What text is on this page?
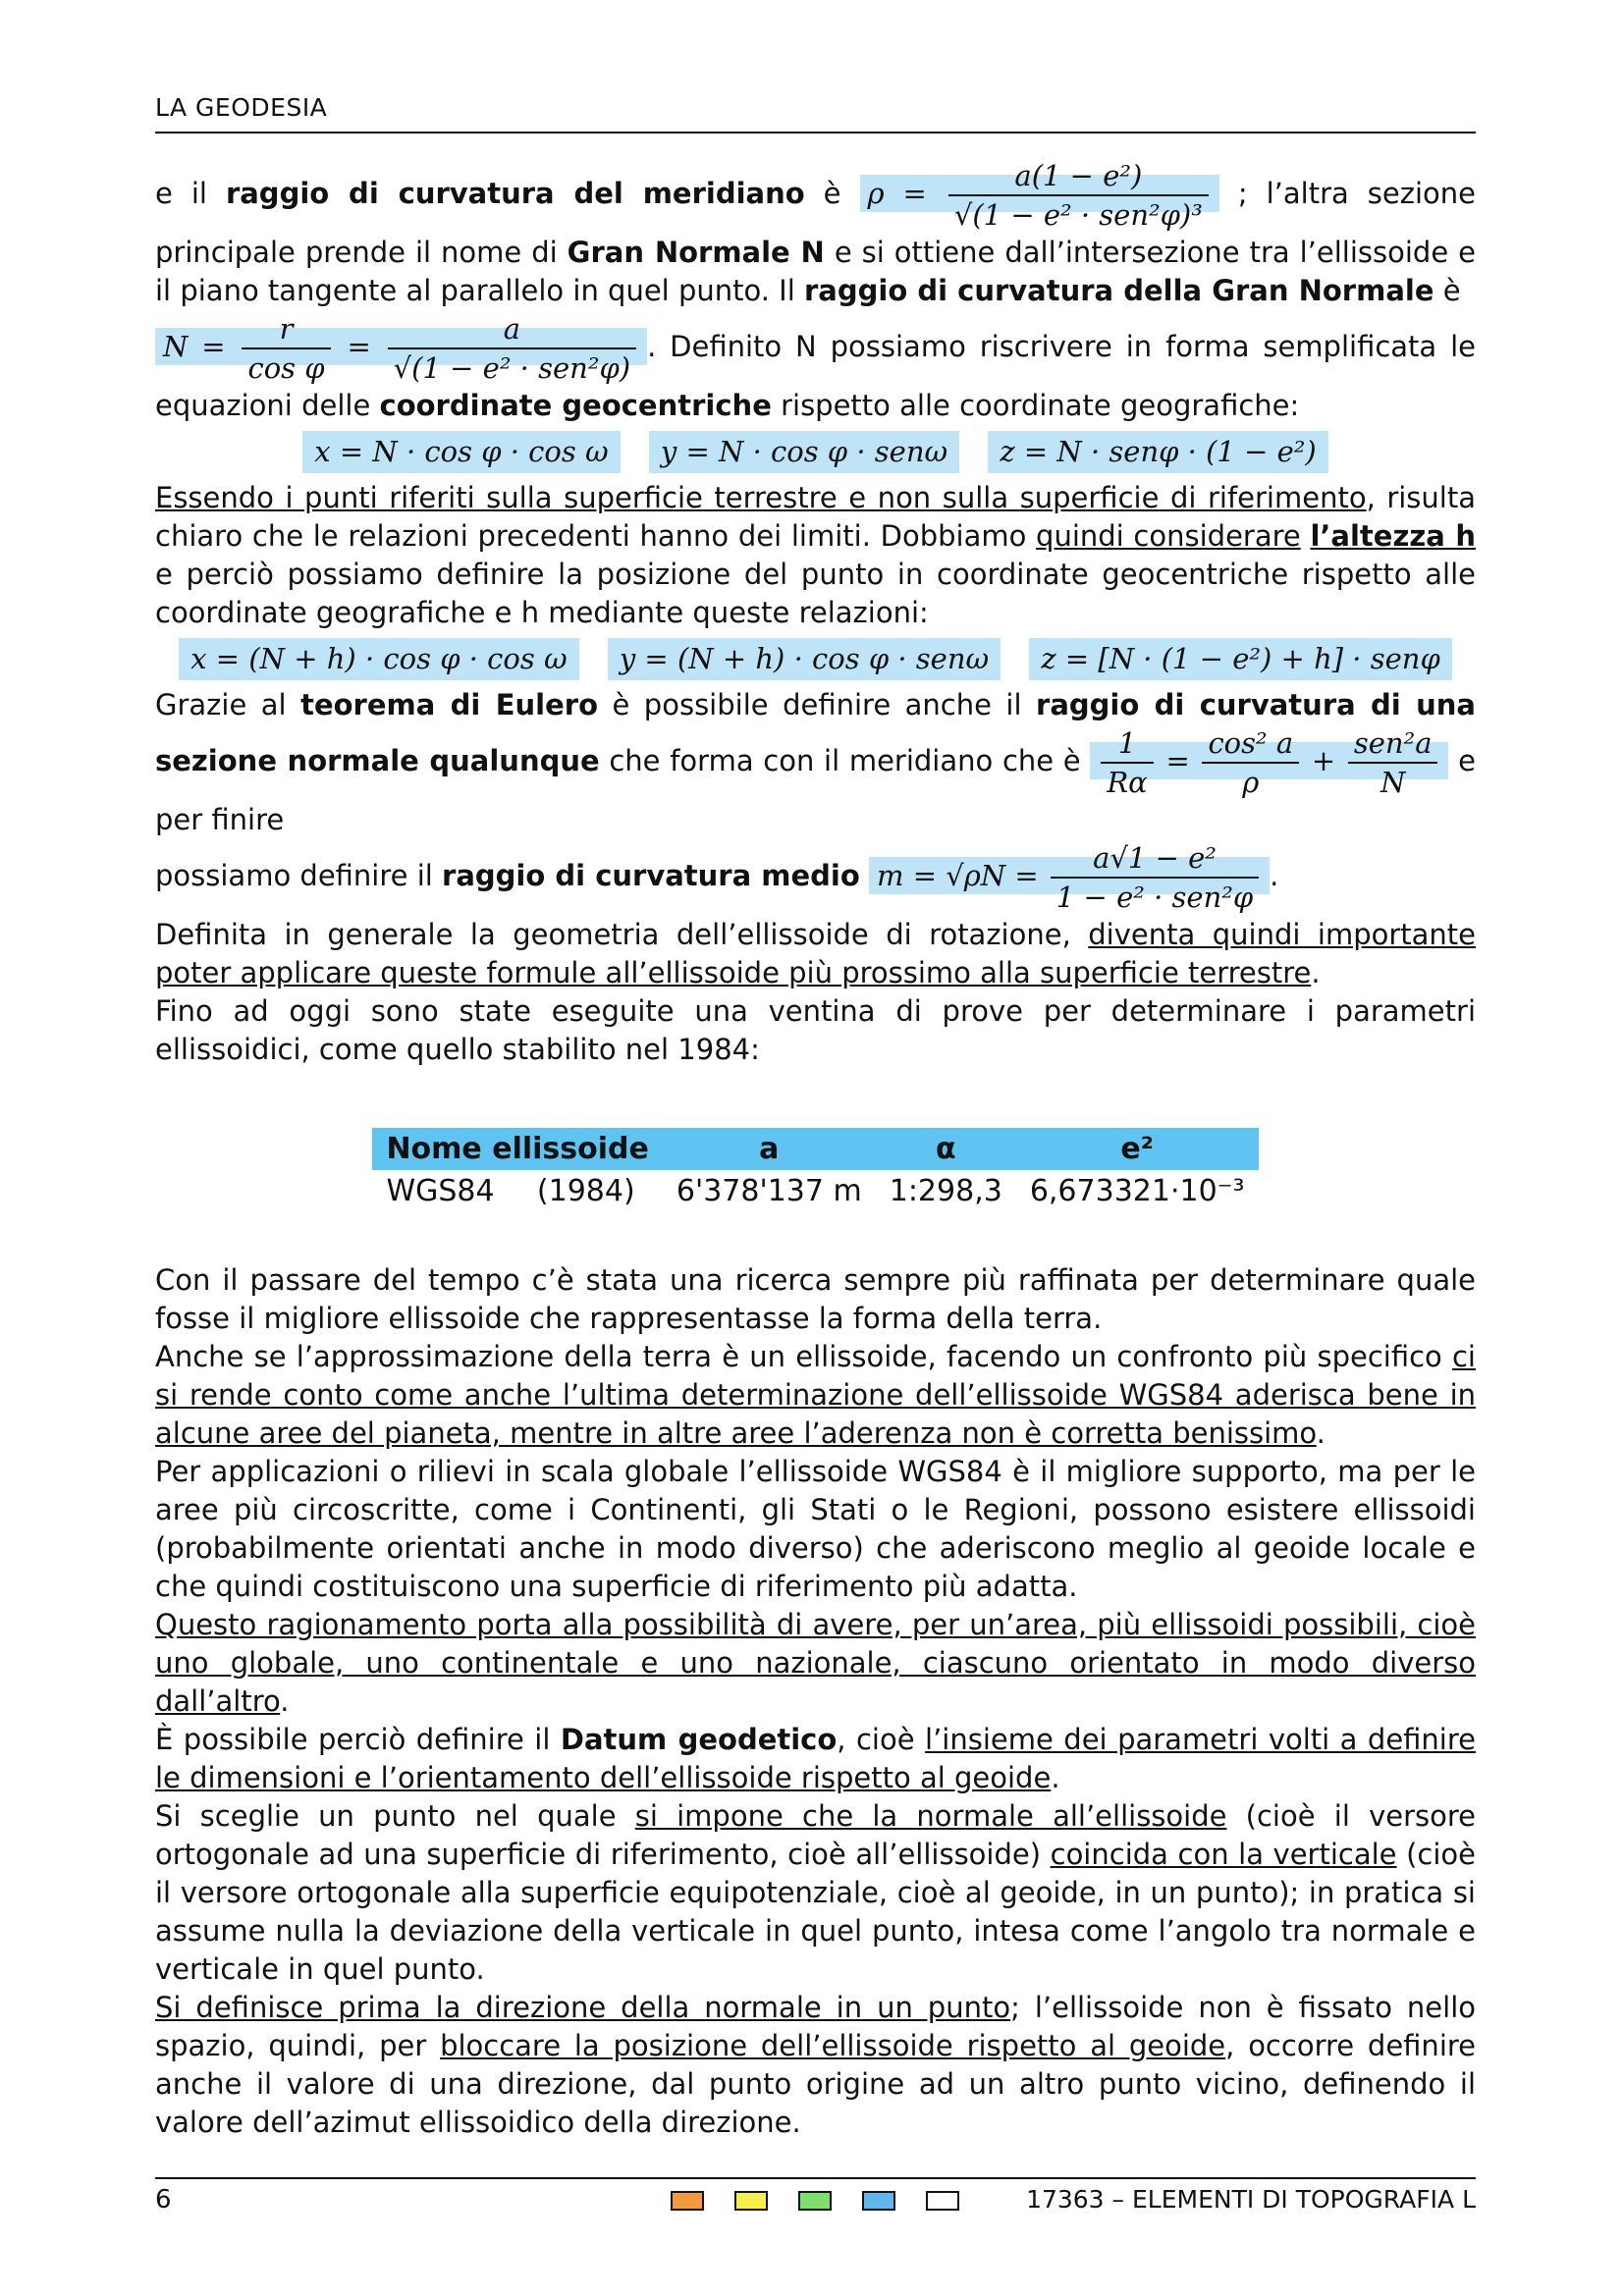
LA GEODESIA

e il raggio di curvatura del meridiano è $\rho = \frac{\text{a(1 − e²)}}{\text{√(1 − e² · sen²φ)³}}$ ; l’altra sezione principale prende il nome di Gran Normale N e si ottiene dall’intersezione tra l’ellissoide e il piano tangente al parallelo in quel punto. Il raggio di curvatura della Gran Normale è

$N = \frac{r}{\text{cos φ}} = \frac{a}{\text{√(1 − e² · sen²φ)}}$ . Definito N possiamo riscrivere in forma semplificata le equazioni delle coordinate geocentriche rispetto alle coordinate geografiche:

x = N · cos φ · cos ω y = N · cos φ · senω z = N · senφ · (1 − e²)

Essendo i punti riferiti sulla superficie terrestre e non sulla superficie di riferimento, risulta chiaro che le relazioni precedenti hanno dei limiti. Dobbiamo quindi considerare l’altezza h e perciò possiamo definire la posizione del punto in coordinate geocentriche rispetto alle coordinate geografiche e h mediante queste relazioni:

x = (N + h) · cos φ · cos ω y = (N + h) · cos φ · senω z = [N · (1 − e²) + h] · senφ

Grazie al teorema di Eulero è possibile definire anche il raggio di curvatura di una sezione normale qualunque che forma con il meridiano che è $\frac{1}{R\alpha} = \frac{\text{cos² a}}{\rho} + \frac{\text{sen²a}}{N}$ e per finire

possiamo definire il raggio di curvatura medio $m = √\rho N = \frac{\text{a√1 − e²}}{\text{1 − e² · sen²φ}}$ .

Definita in generale la geometria dell’ellissoide di rotazione, diventa quindi importante poter applicare queste formule all’ellissoide più prossimo alla superficie terrestre.

Fino ad oggi sono state eseguite una ventina di prove per determinare i parametri ellissoidici, come quello stabilito nel 1984:

Nome ellissoide		a	α	e²
WGS84	(1984)	6'378'137 m	1:298,3	6,673321·10⁻³

Con il passare del tempo c’è stata una ricerca sempre più raffinata per determinare quale fosse il migliore ellissoide che rappresentasse la forma della terra.

Anche se l’approssimazione della terra è un ellissoide, facendo un confronto più specifico ci si rende conto come anche l’ultima determinazione dell’ellissoide WGS84 aderisca bene in alcune aree del pianeta, mentre in altre aree l’aderenza non è corretta benissimo.

Per applicazioni o rilievi in scala globale l’ellissoide WGS84 è il migliore supporto, ma per le aree più circoscritte, come i Continenti, gli Stati o le Regioni, possono esistere ellissoidi (probabilmente orientati anche in modo diverso) che aderiscono meglio al geoide locale e che quindi costituiscono una superficie di riferimento più adatta.

Questo ragionamento porta alla possibilità di avere, per un’area, più ellissoidi possibili, cioè uno globale, uno continentale e uno nazionale, ciascuno orientato in modo diverso dall’altro.

È possibile perciò definire il Datum geodetico, cioè l’insieme dei parametri volti a definire le dimensioni e l’orientamento dell’ellissoide rispetto al geoide.

Si sceglie un punto nel quale si impone che la normale all’ellissoide (cioè il versore ortogonale ad una superficie di riferimento, cioè all’ellissoide) coincida con la verticale (cioè il versore ortogonale alla superficie equipotenziale, cioè al geoide, in un punto); in pratica si assume nulla la deviazione della verticale in quel punto, intesa come l’angolo tra normale e verticale in quel punto.

Si definisce prima la direzione della normale in un punto; l’ellissoide non è fissato nello spazio, quindi, per bloccare la posizione dell’ellissoide rispetto al geoide, occorre definire anche il valore di una direzione, dal punto origine ad un altro punto vicino, definendo il valore dell’azimut ellissoidico della direzione.

6	17363 – ELEMENTI DI TOPOGRAFIA L
